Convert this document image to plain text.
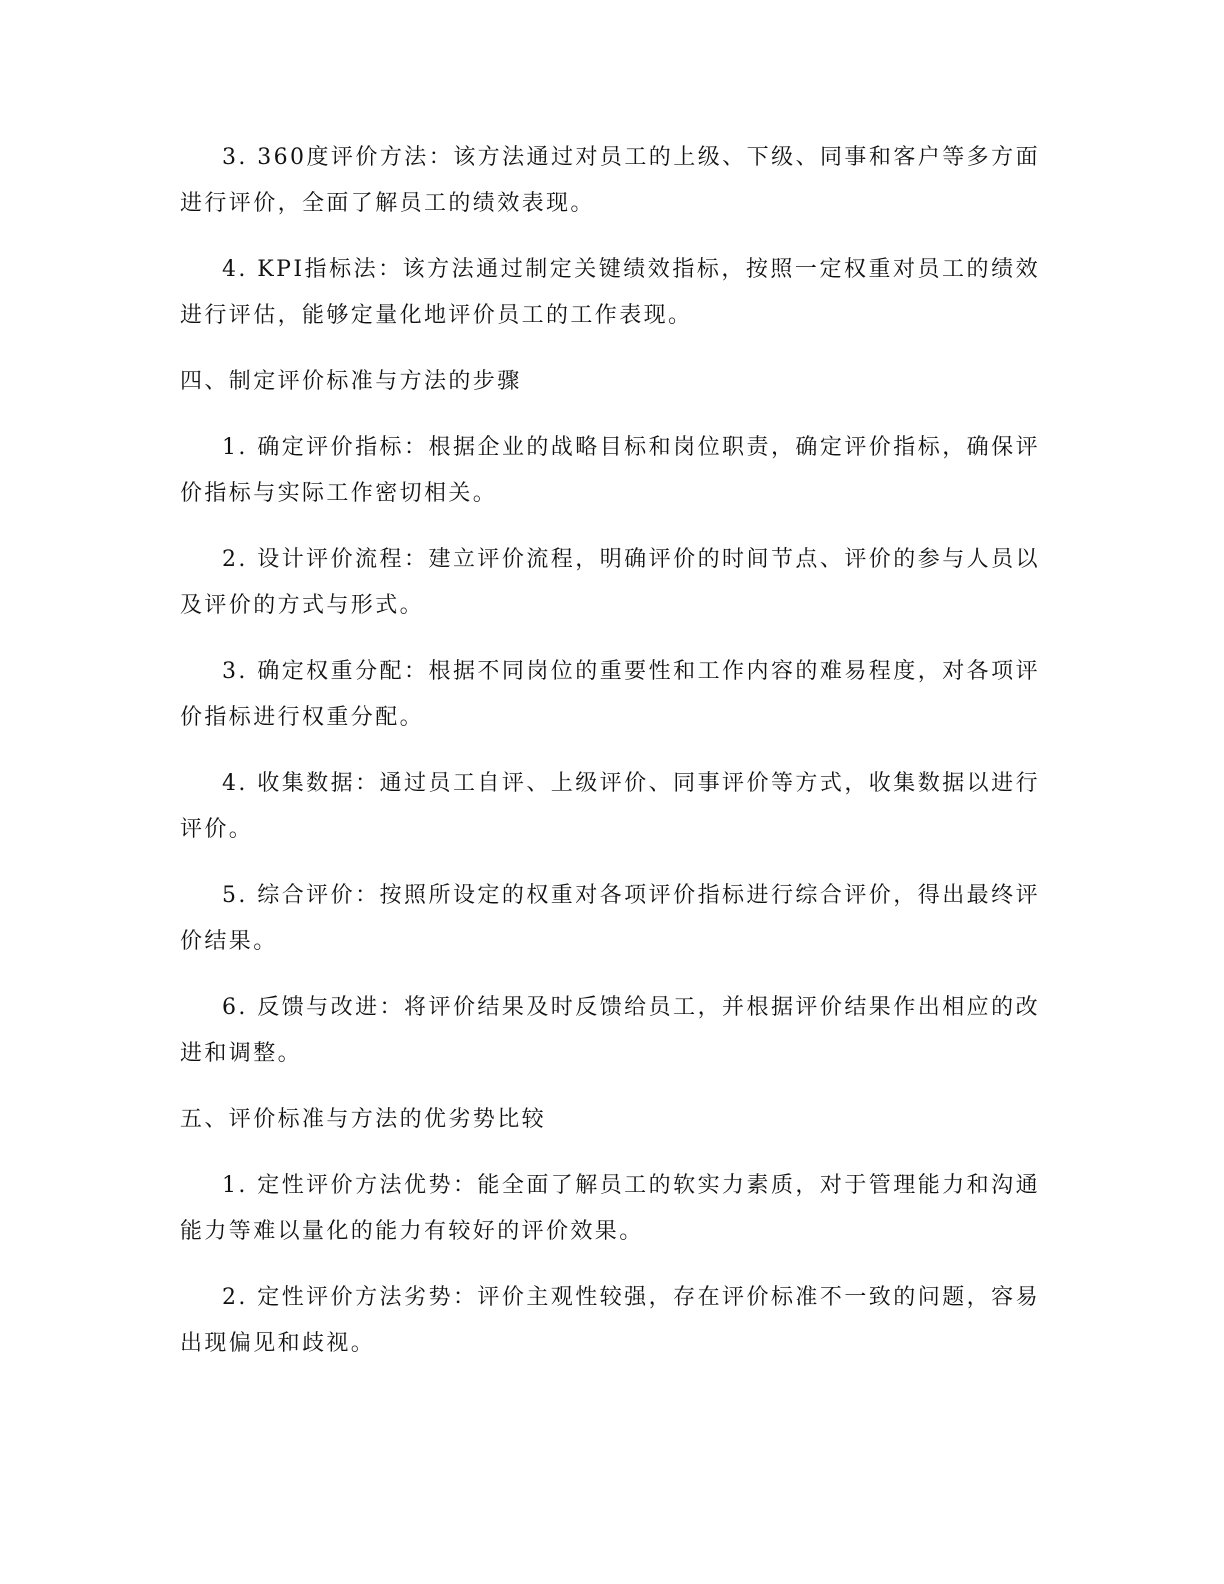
3. 360度评价方法：该方法通过对员工的上级、下级、同事和客户等多方面进行评价，全面了解员工的绩效表现。

4. KPI指标法：该方法通过制定关键绩效指标，按照一定权重对员工的绩效进行评估，能够定量化地评价员工的工作表现。

四、制定评价标准与方法的步骤

1. 确定评价指标：根据企业的战略目标和岗位职责，确定评价指标，确保评价指标与实际工作密切相关。

2. 设计评价流程：建立评价流程，明确评价的时间节点、评价的参与人员以及评价的方式与形式。

3. 确定权重分配：根据不同岗位的重要性和工作内容的难易程度，对各项评价指标进行权重分配。

4. 收集数据：通过员工自评、上级评价、同事评价等方式，收集数据以进行评价。

5. 综合评价：按照所设定的权重对各项评价指标进行综合评价，得出最终评价结果。

6. 反馈与改进：将评价结果及时反馈给员工，并根据评价结果作出相应的改进和调整。

五、评价标准与方法的优劣势比较

1. 定性评价方法优势：能全面了解员工的软实力素质，对于管理能力和沟通能力等难以量化的能力有较好的评价效果。

2. 定性评价方法劣势：评价主观性较强，存在评价标准不一致的问题，容易出现偏见和歧视。
